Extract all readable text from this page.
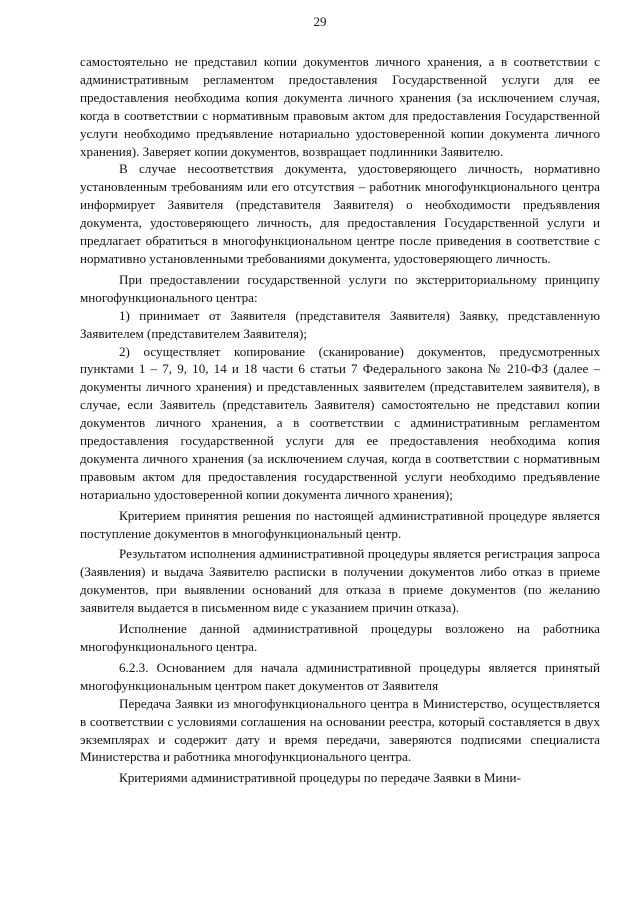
29

самостоятельно не представил копии документов личного хранения, а в соответствии с административным регламентом предоставления Государственной услуги для ее предоставления необходима копия документа личного хранения (за исключением случая, когда в соответствии с нормативным правовым актом для предоставления Государственной услуги необходимо предъявление нотариально удостоверенной копии документа личного хранения). Заверяет копии документов, возвращает подлинники Заявителю.

В случае несоответствия документа, удостоверяющего личность, нормативно установленным требованиям или его отсутствия – работник многофункционального центра информирует Заявителя (представителя Заявителя) о необходимости предъявления документа, удостоверяющего личность, для предоставления Государственной услуги и предлагает обратиться в многофункциональном центре после приведения в соответствие с нормативно установленными требованиями документа, удостоверяющего личность.

При предоставлении государственной услуги по экстерриториальному принципу многофункционального центра:

1) принимает от Заявителя (представителя Заявителя) Заявку, представленную Заявителем (представителем Заявителя);

2) осуществляет копирование (сканирование) документов, предусмотренных пунктами 1 – 7, 9, 10, 14 и 18 части 6 статьи 7 Федерального закона № 210-ФЗ (далее – документы личного хранения) и представленных заявителем (представителем заявителя), в случае, если Заявитель (представитель Заявителя) самостоятельно не представил копии документов личного хранения, а в соответствии с административным регламентом предоставления государственной услуги для ее предоставления необходима копия документа личного хранения (за исключением случая, когда в соответствии с нормативным правовым актом для предоставления государственной услуги необходимо предъявление нотариально удостоверенной копии документа личного хранения);

Критерием принятия решения по настоящей административной процедуре является поступление документов в многофункциональный центр.

Результатом исполнения административной процедуры является регистрация запроса (Заявления) и выдача Заявителю расписки в получении документов либо отказ в приеме документов, при выявлении оснований для отказа в приеме документов (по желанию заявителя выдается в письменном виде с указанием причин отказа).

Исполнение данной административной процедуры возложено на работника многофункционального центра.

6.2.3. Основанием для начала административной процедуры является принятый многофункциональным центром пакет документов от Заявителя

Передача Заявки из многофункционального центра в Министерство, осуществляется в соответствии с условиями соглашения на основании реестра, который составляется в двух экземплярах и содержит дату и время передачи, заверяются подписями специалиста Министерства и работника многофункционального центра.

Критериями административной процедуры по передаче Заявки в Мини-
